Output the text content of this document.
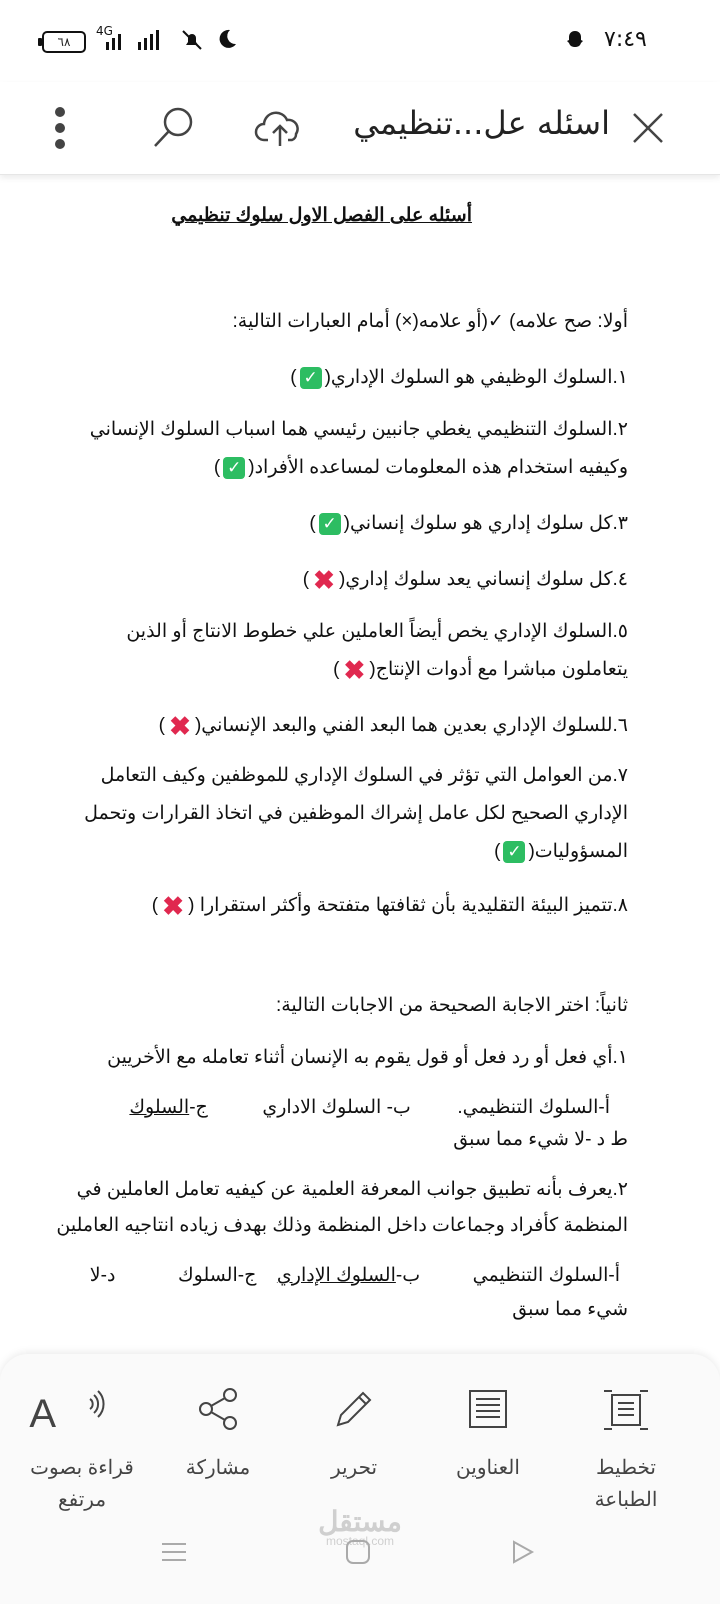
٦٨
4G	٧:٤٩
اسئله عل...تنظيمي
أسئله على الفصل الاول سلوك تنظيمي
أولا: صح علامه) ✓(أو علامه(×) أمام العبارات التالية:
١.السلوك الوظيفي هو السلوك الإداري(✓)
٢.السلوك التنظيمي يغطي جانبين رئيسي هما اسباب السلوك الإنساني
وكيفيه استخدام هذه المعلومات لمساعده الأفراد(✓)
٣.كل سلوك إداري هو سلوك إنساني(✓)
٤.كل سلوك إنساني يعد سلوك إداري(✖)
٥.السلوك الإداري يخص أيضاً العاملين علي خطوط الانتاج أو الذين
يتعاملون مباشرا مع أدوات الإنتاج(✖)
٦.للسلوك الإداري بعدين هما البعد الفني والبعد الإنساني(✖)
٧.من العوامل التي تؤثر في السلوك الإداري للموظفين وكيف التعامل
الإداري الصحيح لكل عامل إشراك الموظفين في اتخاذ القرارات وتحمل
المسؤوليات(✓)
٨.تتميز البيئة التقليدية بأن ثقافتها متفتحة وأكثر استقرارا (✖)
ثانياً: اختر الاجابة الصحيحة من الاجابات التالية:
١.أي فعل أو رد فعل أو قول يقوم به الإنسان أثناء تعامله مع الأخريين
أ-السلوك التنظيمي.  ب- السلوك الاداري  ج-السلوك
ط د -لا شيء مما سبق
٢.يعرف بأنه تطبيق جوانب المعرفة العلمية عن كيفيه تعامل العاملين في
المنظمة كأفراد وجماعات داخل المنظمة وذلك بهدف زياده انتاجيه العاملين
أ-السلوك التنظيمي  ب-السلوك الإداري  ج-السلوك  د-لا
شيء مما سبق
تخطيط
الطباعة
العناوين
تحرير
مشاركة
A
قراءة بصوت
مرتفع
مستقل
mostaql.com
